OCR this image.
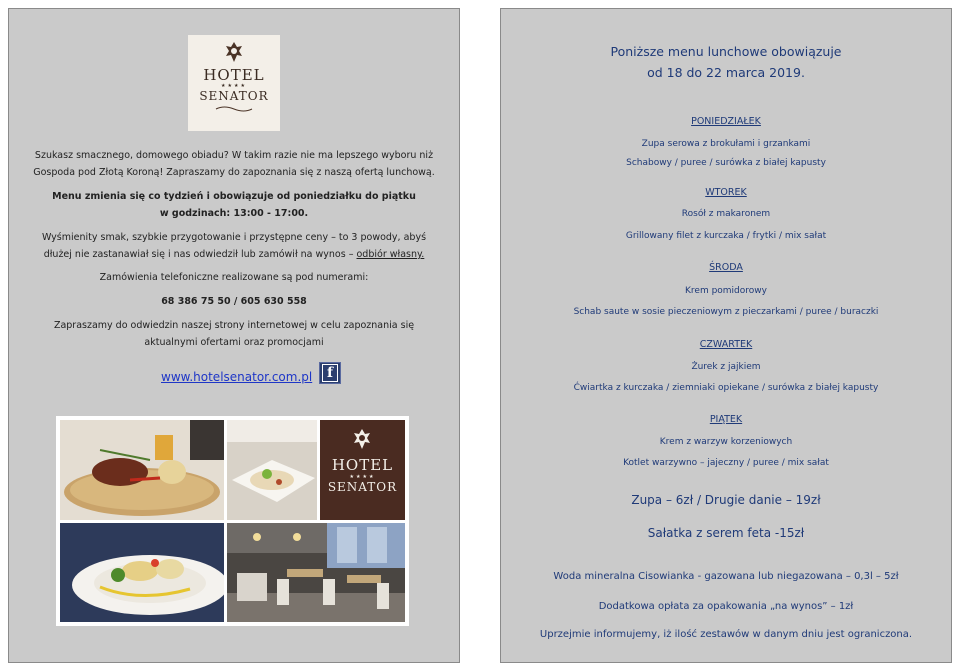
HOTEL
★★★★
SENATOR
Szukasz smacznego, domowego obiadu? W takim razie nie ma lepszego wyboru niż
Gospoda pod Złotą Koroną! Zapraszamy do zapoznania się z naszą ofertą lunchową.
Menu zmienia się co tydzień i obowiązuje od poniedziałku do piątku
w godzinach: 13:00 - 17:00.
Wyśmienity smak, szybkie przygotowanie i przystępne ceny – to 3 powody, abyś
dłużej nie zastanawiał się i nas odwiedził lub zamówił na wynos – odbiór własny.
Zamówienia telefoniczne realizowane są pod numerami:
68 386 75 50 / 605 630 558
Zapraszamy do odwiedzin naszej strony internetowej w celu zapoznania się
aktualnymi ofertami oraz promocjami
www.hotelsenator.com.pl	f
HOTEL
★★★★
SENATOR
Poniższe menu lunchowe obowiązuje
od 18 do 22 marca 2019.
PONIEDZIAŁEK
Zupa serowa z brokułami i grzankami
Schabowy / puree / surówka z białej kapusty
WTOREK
Rosół z makaronem
Grillowany filet z kurczaka / frytki / mix sałat
ŚRODA
Krem pomidorowy
Schab saute w sosie pieczeniowym z pieczarkami / puree / buraczki
CZWARTEK
Żurek z jajkiem
Ćwiartka z kurczaka / ziemniaki opiekane / surówka z białej kapusty
PIĄTEK
Krem z warzyw korzeniowych
Kotlet warzywno – jajeczny / puree / mix sałat
Zupa – 6zł / Drugie danie – 19zł
Sałatka z serem feta -15zł
Woda mineralna Cisowianka - gazowana lub niegazowana – 0,3l – 5zł
Dodatkowa opłata za opakowania „na wynos” – 1zł
Uprzejmie informujemy, iż ilość zestawów w danym dniu jest ograniczona.
